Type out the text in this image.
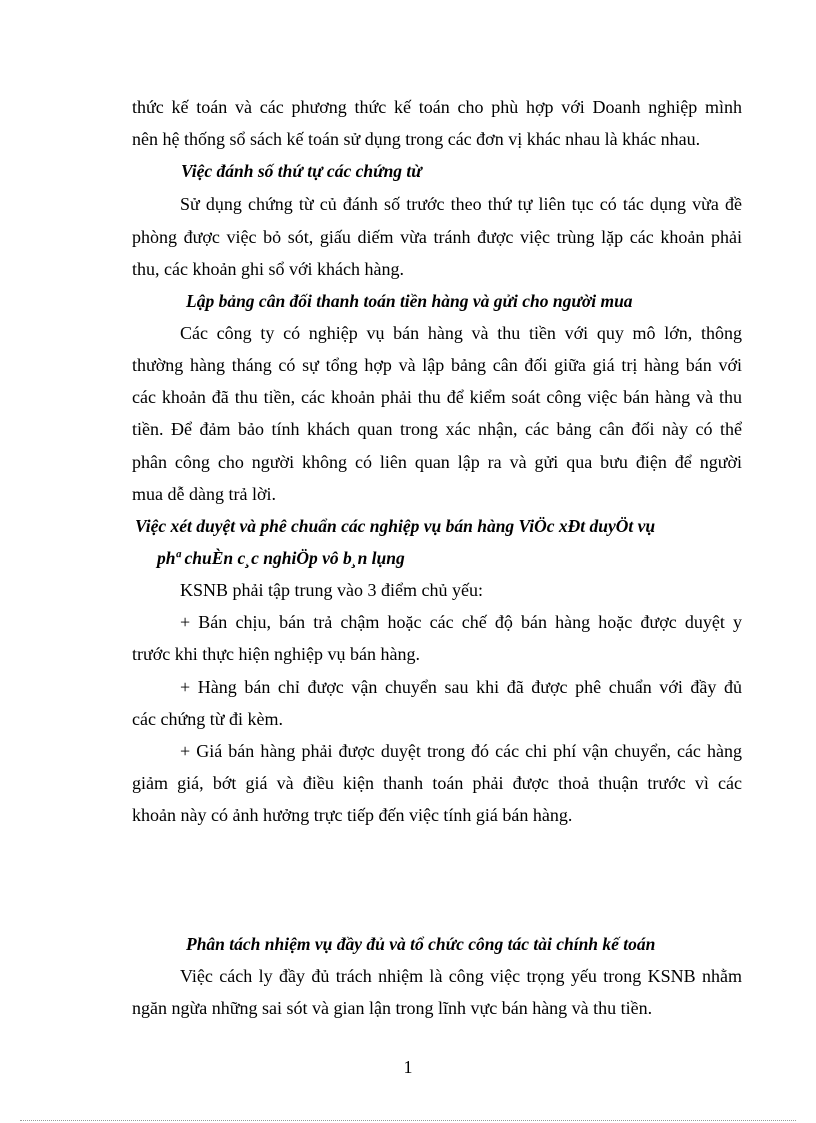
thức kế toán và các phương thức kế toán cho phù hợp với Doanh nghiệp mình
nên hệ thống sổ sách kế toán sử dụng trong các đơn vị khác nhau là khác nhau.
Việc đánh số thứ tự các chứng từ
Sử dụng chứng từ củ đánh số trước theo thứ tự liên tục có tác dụng vừa đề
phòng được việc bỏ sót, giấu diếm vừa tránh được việc trùng lặp các khoản phải
thu, các khoản ghi sổ với khách hàng.
Lập bảng cân đối thanh toán tiền hàng và gửi cho người mua
Các công ty có nghiệp vụ bán hàng và thu tiền với quy mô lớn, thông
thường hàng tháng có sự tổng hợp và lập bảng cân đối giữa giá trị hàng bán với
các khoản đã thu tiền, các khoản phải thu để kiểm soát công việc bán hàng và thu
tiền. Để đảm bảo tính khách quan trong xác nhận, các bảng cân đối này có thể
phân công cho người không có liên quan lập ra và gửi qua bưu điện để người
mua dễ dàng trả lời.
Việc xét duyệt và phê chuẩn các nghiệp vụ bán hàng ViÖc xÐt duyÖt vụ
phª chuÈn c¸c nghiÖp vô b¸n lụng
KSNB phải tập trung vào 3 điểm chủ yếu:
+ Bán chịu, bán trả chậm hoặc các chế độ bán hàng hoặc được duyệt y
trước khi thực hiện nghiệp vụ bán hàng.
+ Hàng bán chỉ được vận chuyển sau khi đã được phê chuẩn với đầy đủ
các chứng từ đi kèm.
+ Giá bán hàng phải được duyệt trong đó các chi phí vận chuyển, các hàng
giảm giá, bớt giá và điều kiện thanh toán phải được thoả thuận trước vì các
khoản này có ảnh hưởng trực tiếp đến việc tính giá bán hàng.
Phân tách nhiệm vụ đầy đủ và tổ chức công tác tài chính kế toán
Việc cách ly đầy đủ trách nhiệm là công việc trọng yếu trong KSNB nhằm
ngăn ngừa những sai sót và gian lận trong lĩnh vực bán hàng và thu tiền.
1
